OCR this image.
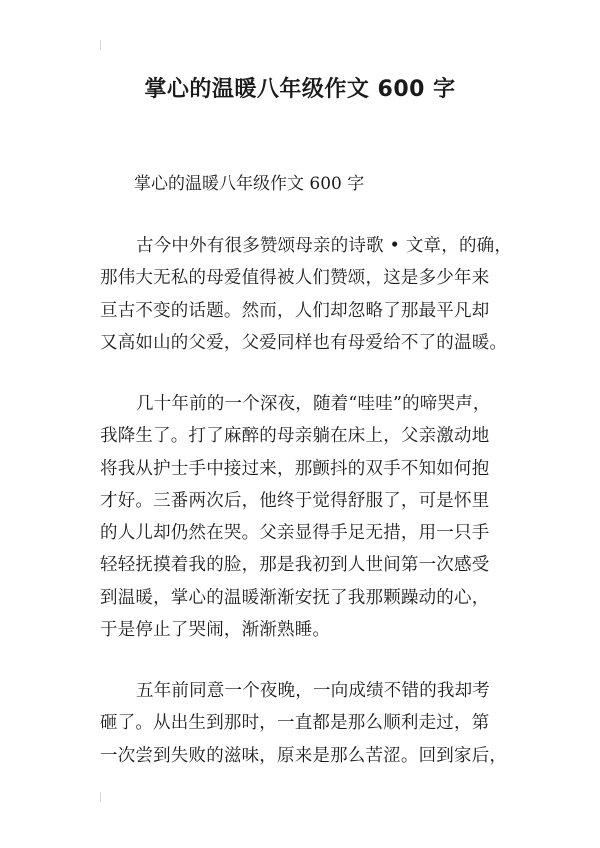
掌心的温暖八年级作文 600 字
掌心的温暖八年级作文 600 字
古今中外有很多赞颂母亲的诗歌 • 文章，的确，
那伟大无私的母爱值得被人们赞颂，这是多少年来
亘古不变的话题。然而，人们却忽略了那最平凡却
又高如山的父爱，父爱同样也有母爱给不了的温暖。
几十年前的一个深夜，随着“哇哇”的啼哭声，
我降生了。打了麻醉的母亲躺在床上，父亲激动地
将我从护士手中接过来，那颤抖的双手不知如何抱
才好。三番两次后，他终于觉得舒服了，可是怀里
的人儿却仍然在哭。父亲显得手足无措，用一只手
轻轻抚摸着我的脸，那是我初到人世间第一次感受
到温暖，掌心的温暖渐渐安抚了我那颗躁动的心，
于是停止了哭闹，渐渐熟睡。
五年前同意一个夜晚，一向成绩不错的我却考
砸了。从出生到那时，一直都是那么顺利走过，第
一次尝到失败的滋味，原来是那么苦涩。回到家后，
